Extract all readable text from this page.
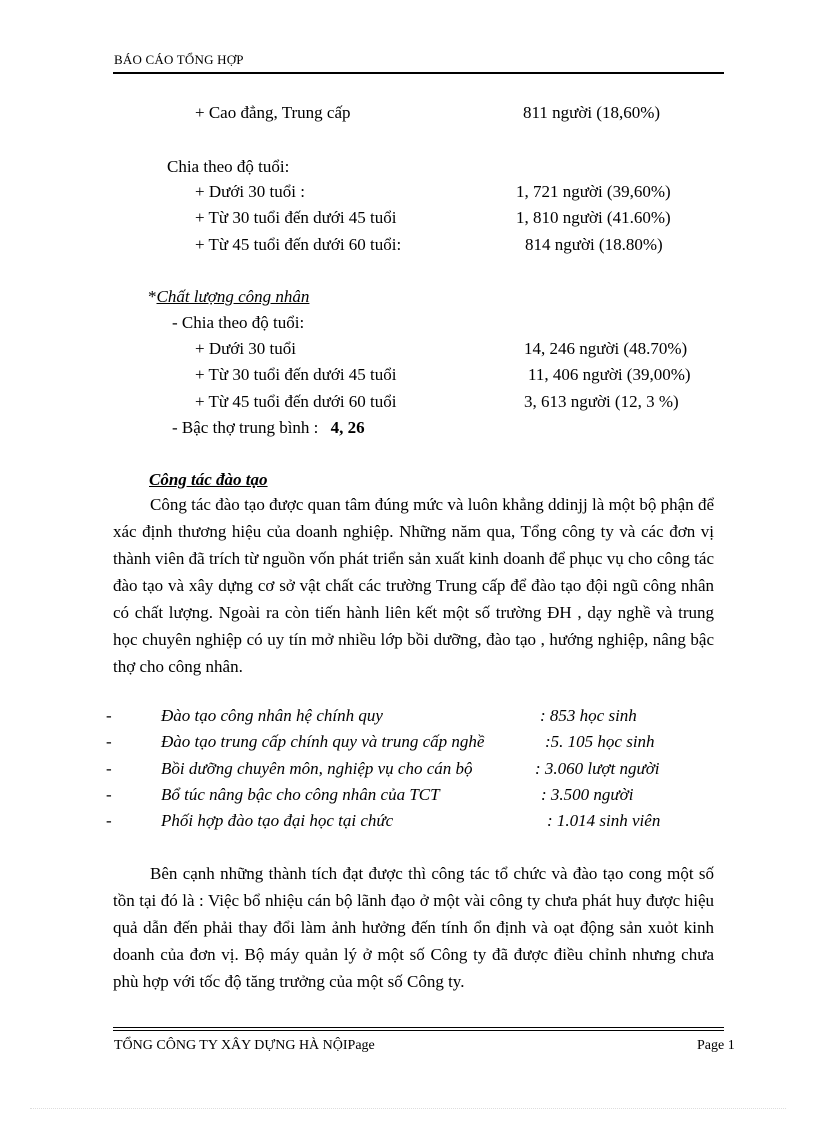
BÁO CÁO TỔNG HỢP
+ Cao đẳng, Trung cấp	811 người (18,60%)
Chia theo độ tuổi:
+ Dưới 30 tuổi :	1, 721 người (39,60%)
+ Từ 30 tuổi đến dưới 45 tuổi	1, 810 người (41.60%)
+ Từ 45 tuổi đến dưới 60 tuổi:	814 người (18.80%)
*Chất lượng công nhân
- Chia theo độ tuổi:
+ Dưới 30 tuổi	14, 246 người (48.70%)
+ Từ 30 tuổi đến dưới 45 tuổi	11, 406 người (39,00%)
+ Từ 45 tuổi đến dưới 60 tuổi	3, 613 người (12, 3 %)
- Bậc thợ trung bình : 4, 26
Công tác đào tạo

Công tác đào tạo được quan tâm đúng mức và luôn khẳng ddinjj là một bộ phận để xác định thương hiệu của doanh nghiệp. Những năm qua, Tổng công ty và các đơn vị thành viên đã trích từ nguồn vốn phát triển sản xuất kinh doanh để phục vụ cho công tác đào tạo và xây dựng cơ sở vật chất các trường Trung cấp để đào tạo đội ngũ công nhân có chất lượng. Ngoài ra còn tiến hành liên kết một số trường ĐH , dạy nghề và trung học chuyên nghiệp có uy tín mở nhiều lớp bồi dưỡng, đào tạo , hướng nghiệp, nâng bậc thợ cho công nhân.

-	Đào tạo công nhân hệ chính quy	: 853 học sinh
-	Đào tạo trung cấp chính quy và trung cấp nghề	:5. 105 học sinh
-	Bồi dưỡng chuyên môn, nghiệp vụ cho cán bộ	: 3.060 lượt người
-	Bổ túc nâng bậc cho công nhân của TCT	: 3.500 người
-	Phối hợp đào tạo đại học tại chức	: 1.014 sinh viên

Bên cạnh những thành tích đạt được thì công tác tổ chức và đào tạo cong một số tồn tại đó là : Việc bổ nhiệu cán bộ lãnh đạo ở một vài công ty chưa phát huy được hiệu quả dẫn đến phải thay đổi làm ảnh hưởng đến tính ổn định và oạt động sản xuỏt kinh doanh của đơn vị. Bộ máy quản lý ở một số Công ty đã được điều chỉnh nhưng chưa phù hợp với tốc độ tăng trưởng của một số Công ty.

TỔNG CÔNG TY XÂY DỰNG HÀ NỘIPage	Page 1
